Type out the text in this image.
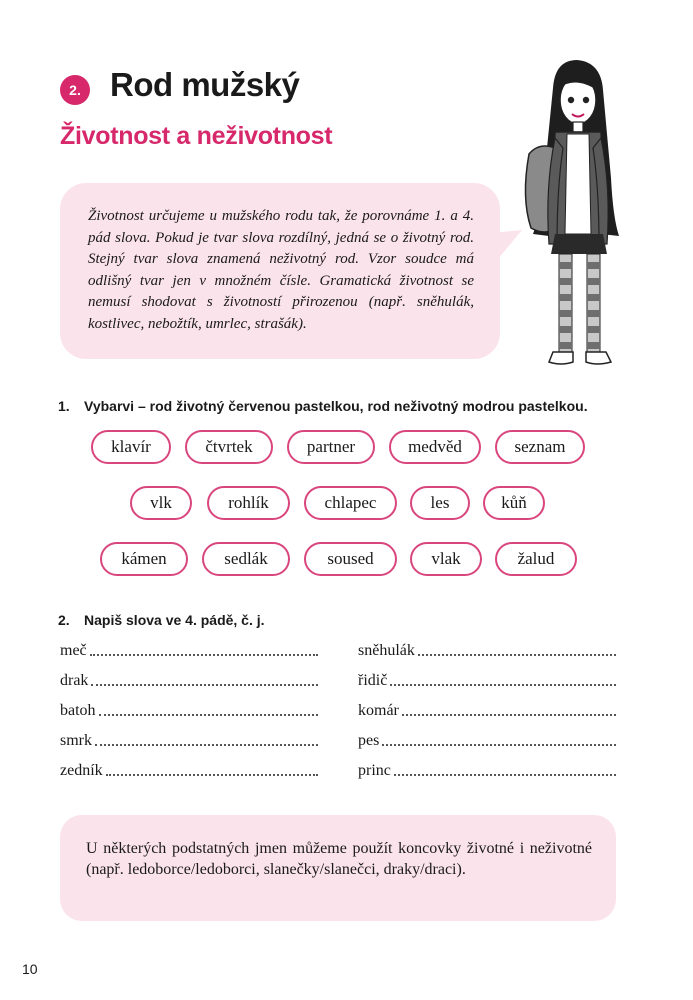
2. Rod mužský
Životnost a neživotnost
Životnost určujeme u mužského rodu tak, že porovnáme 1. a 4. pád slova. Pokud je tvar slova rozdílný, jedná se o životný rod. Stejný tvar slova znamená neživotný rod. Vzor soudce má odlišný tvar jen v množném čísle. Gramatická životnost se nemusí shodovat s životností přirozenou (např. sněhulák, kostlivec, nebožtík, umrlec, strašák).
1. Vybarvi – rod životný červenou pastelkou, rod neživotný modrou pastelkou.
klavír	čtvrtek	partner	medvěd	seznam
vlk	rohlík	chlapec	les	kůň
kámen	sedlák	soused	vlak	žalud
2. Napiš slova ve 4. pádě, č. j.
meč
drak
batoh
smrk
zedník
sněhulák
řidič
komár
pes
princ
U některých podstatných jmen můžeme použít koncovky životné i neživotné (např. ledoborce/ledoborci, slanečky/slanečci, draky/draci).
10
